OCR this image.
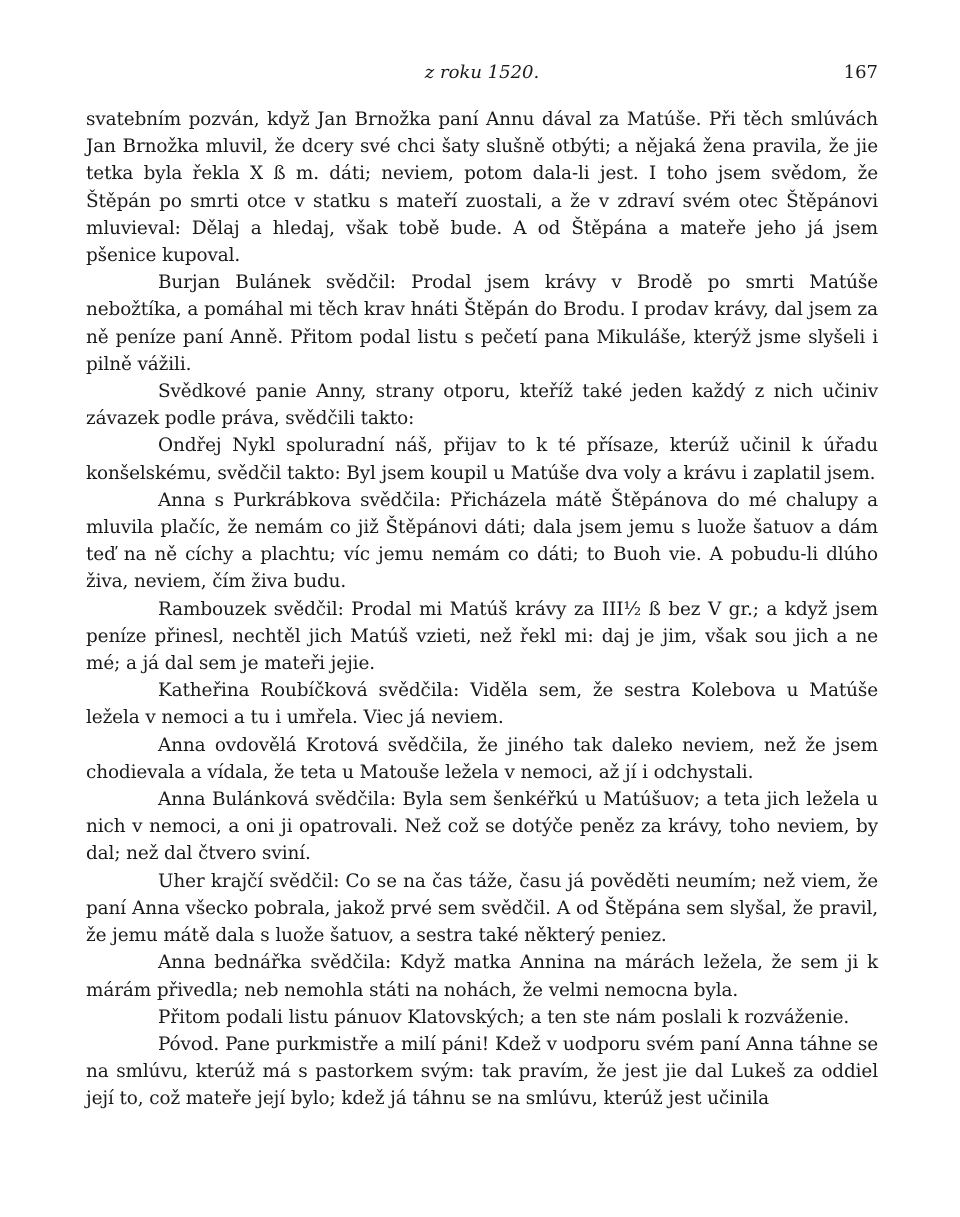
z roku 1520.	167

svatebním pozván, když Jan Brnožka paní Annu dával za Matúše. Při těch smlúvách Jan Brnožka mluvil, že dcery své chci šaty slušně otbýti; a nějaká žena pravila, že jie tetka byla řekla X ß m. dáti; neviem, potom dala-li jest. I toho jsem svědom, že Štěpán po smrti otce v statku s mateří zuostali, a že v zdraví svém otec Štěpánovi mluvieval: Dělaj a hledaj, však tobě bude. A od Štěpána a mateře jeho já jsem pšenice kupoval.

Burjan Bulánek svědčil: Prodal jsem krávy v Brodě po smrti Matúše nebožtíka, a pomáhal mi těch krav hnáti Štěpán do Brodu. I prodav krávy, dal jsem za ně peníze paní Anně. Přitom podal listu s pečetí pana Mikuláše, kterýž jsme slyšeli i pilně vážili.

Svědkové panie Anny, strany otporu, kteříž také jeden každý z nich učiniv závazek podle práva, svědčili takto:

Ondřej Nykl spoluradní náš, přijav to k té přísaze, kterúž učinil k úřadu konšelskému, svědčil takto: Byl jsem koupil u Matúše dva voly a krávu i zaplatil jsem.

Anna s Purkrábkova svědčila: Přicházela mátě Štěpánova do mé chalupy a mluvila plačíc, že nemám co již Štěpánovi dáti; dala jsem jemu s luože šatuov a dám teď na ně cíchy a plachtu; víc jemu nemám co dáti; to Buoh vie. A pobudu-li dlúho živa, neviem, čím živa budu.

Rambouzek svědčil: Prodal mi Matúš krávy za III½ ß bez V gr.; a když jsem peníze přinesl, nechtěl jich Matúš vzieti, než řekl mi: daj je jim, však sou jich a ne mé; a já dal sem je mateři jejie.

Katheřina Roubíčková svědčila: Viděla sem, že sestra Kolebova u Matúše ležela v nemoci a tu i umřela. Viec já neviem.

Anna ovdovělá Krotová svědčila, že jiného tak daleko neviem, než že jsem chodievala a vídala, že teta u Matouše ležela v nemoci, až jí i odchystali.

Anna Bulánková svědčila: Byla sem šenkéřkú u Matúšuov; a teta jich ležela u nich v nemoci, a oni ji opatrovali. Než což se dotýče peněz za krávy, toho neviem, by dal; než dal čtvero sviní.

Uher krajčí svědčil: Co se na čas táže, času já pověděti neumím; než viem, že paní Anna všecko pobrala, jakož prvé sem svědčil. A od Štěpána sem slyšal, že pravil, že jemu mátě dala s luože šatuov, a sestra také některý peniez.

Anna bednářka svědčila: Když matka Annina na márách ležela, že sem ji k márám přivedla; neb nemohla státi na nohách, že velmi nemocna byla.

Přitom podali listu pánuov Klatovských; a ten ste nám poslali k rozváženie.

Póvod. Pane purkmistře a milí páni! Kdež v uodporu svém paní Anna táhne se na smlúvu, kterúž má s pastorkem svým: tak pravím, že jest jie dal Lukeš za oddiel její to, což mateře její bylo; kdež já táhnu se na smlúvu, kterúž jest učinila
